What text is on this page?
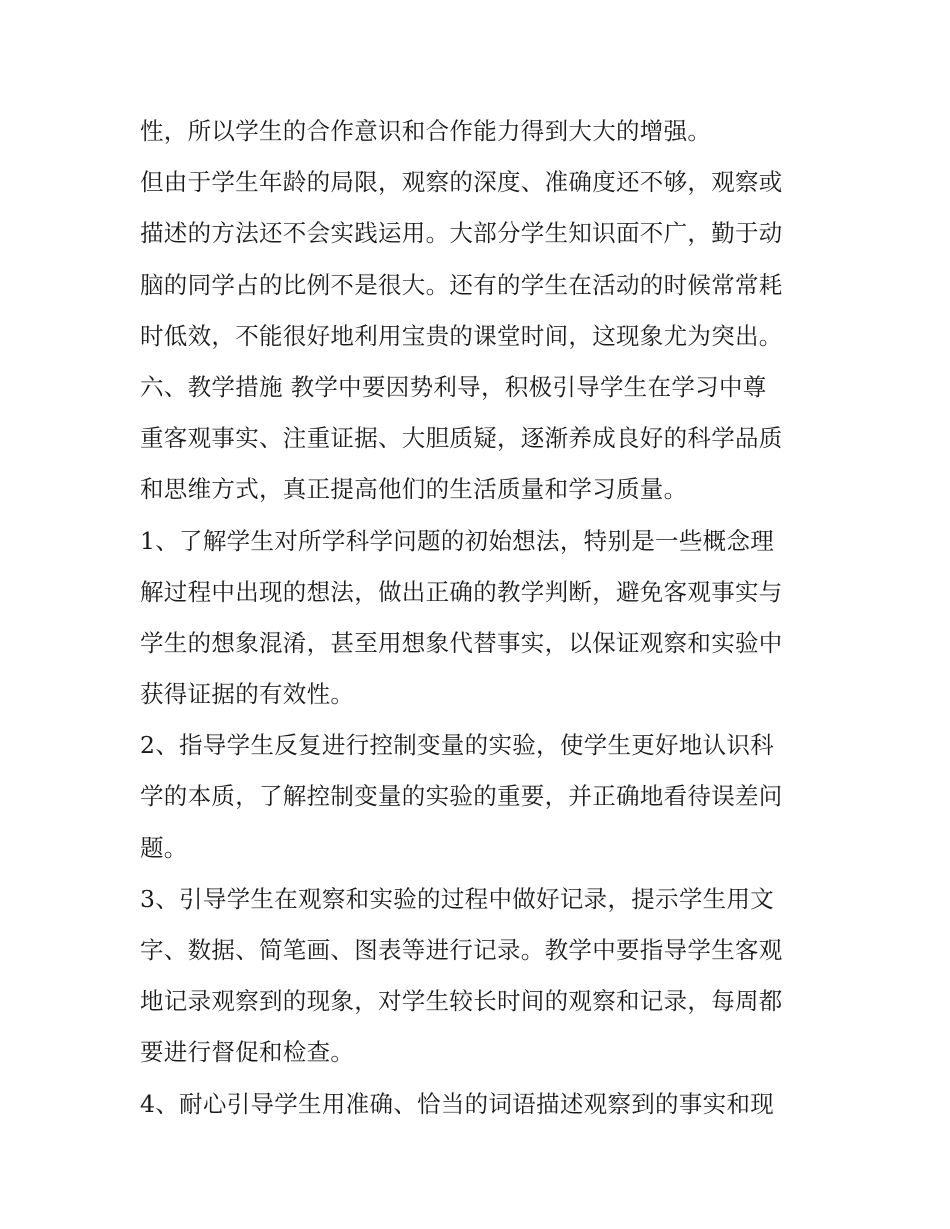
性，所以学生的合作意识和合作能力得到大大的增强。
但由于学生年龄的局限，观察的深度、准确度还不够，观察或
描述的方法还不会实践运用。大部分学生知识面不广，勤于动
脑的同学占的比例不是很大。还有的学生在活动的时候常常耗
时低效，不能很好地利用宝贵的课堂时间，这现象尤为突出。
六、教学措施 教学中要因势利导，积极引导学生在学习中尊
重客观事实、注重证据、大胆质疑，逐渐养成良好的科学品质
和思维方式，真正提高他们的生活质量和学习质量。
1、了解学生对所学科学问题的初始想法，特别是一些概念理
解过程中出现的想法，做出正确的教学判断，避免客观事实与
学生的想象混淆，甚至用想象代替事实，以保证观察和实验中
获得证据的有效性。
2、指导学生反复进行控制变量的实验，使学生更好地认识科
学的本质，了解控制变量的实验的重要，并正确地看待误差问
题。
3、引导学生在观察和实验的过程中做好记录，提示学生用文
字、数据、简笔画、图表等进行记录。教学中要指导学生客观
地记录观察到的现象，对学生较长时间的观察和记录，每周都
要进行督促和检查。
4、耐心引导学生用准确、恰当的词语描述观察到的事实和现
